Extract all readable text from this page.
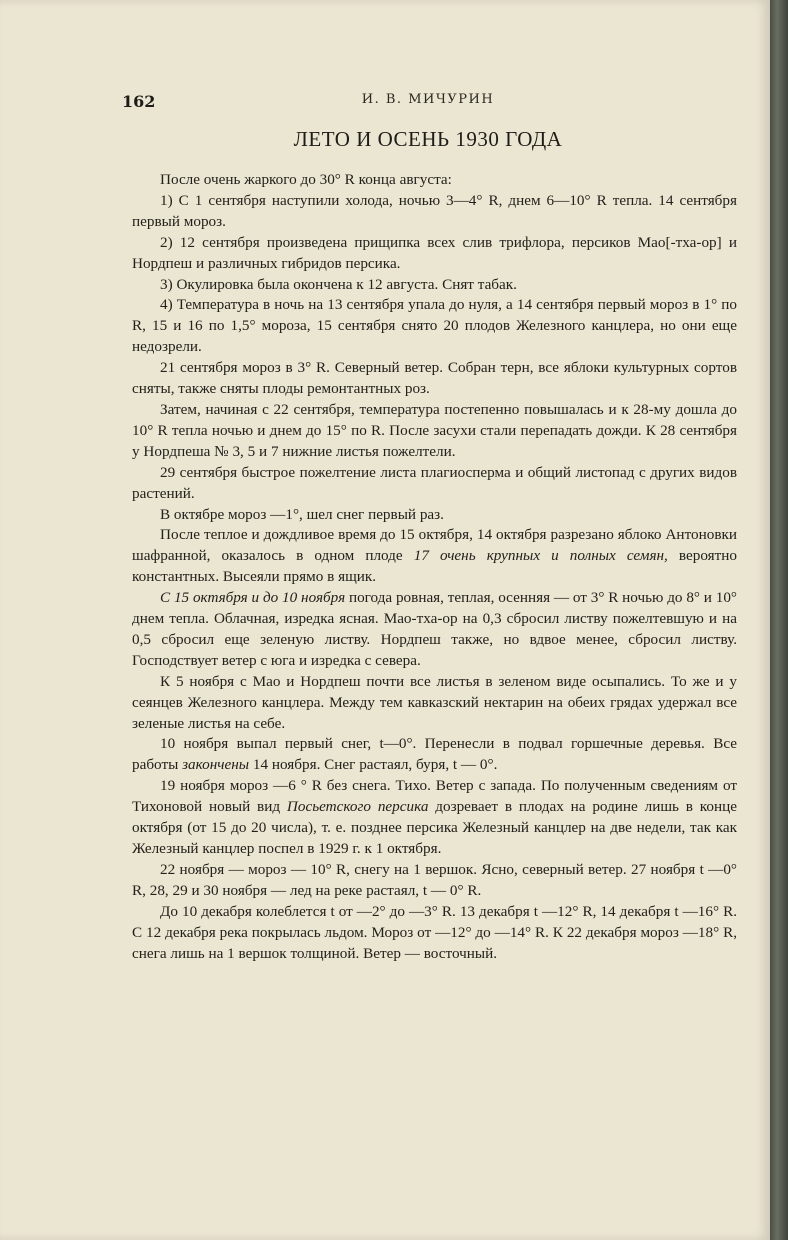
162	И. В. МИЧУРИН
ЛЕТО И ОСЕНЬ 1930 ГОДА

После очень жаркого до 30° R конца августа:

1) С 1 сентября наступили холода, ночью 3—4° R, днем 6—10° R тепла. 14 сентября первый мороз.

2) 12 сентября произведена прищипка всех слив трифлора, персиков Мао[-тха-ор] и Нордпеш и различных гибридов персика.

3) Окулировка была окончена к 12 августа. Снят табак.

4) Температура в ночь на 13 сентября упала до нуля, а 14 сентября первый мороз в 1° по R, 15 и 16 по 1,5° мороза, 15 сентября снято 20 плодов Железного канцлера, но они еще недозрели.

21 сентября мороз в 3° R. Северный ветер. Собран терн, все яблоки культурных сортов сняты, также сняты плоды ремонтантных роз.

Затем, начиная с 22 сентября, температура постепенно повышалась и к 28-му дошла до 10° R тепла ночью и днем до 15° по R. После засухи стали перепадать дожди. К 28 сентября у Нордпеша № 3, 5 и 7 нижние листья пожелтели.

29 сентября быстрое пожелтение листа плагиосперма и общий листопад с других видов растений.

В октябре мороз —1°, шел снег первый раз.

После теплое и дождливое время до 15 октября, 14 октября разрезано яблоко Антоновки шафранной, оказалось в одном плоде 17 очень крупных и полных семян, вероятно константных. Высеяли прямо в ящик.

С 15 октября и до 10 ноября погода ровная, теплая, осенняя — от 3° R ночью до 8° и 10° днем тепла. Облачная, изредка ясная. Мао-тха-ор на 0,3 сбросил листву пожелтевшую и на 0,5 сбросил еще зеленую листву. Нордпеш также, но вдвое менее, сбросил листву. Господствует ветер с юга и изредка с севера.

К 5 ноября с Мао и Нордпеш почти все листья в зеленом виде осыпались. То же и у сеянцев Железного канцлера. Между тем кавказский нектарин на обеих грядах удержал все зеленые листья на себе.

10 ноября выпал первый снег, t—0°. Перенесли в подвал горшечные деревья. Все работы закончены 14 ноября. Снег растаял, буря, t — 0°.

19 ноября мороз —6 ° R без снега. Тихо. Ветер с запада. По полученным сведениям от Тихоновой новый вид Посьетского персика дозревает в плодах на родине лишь в конце октября (от 15 до 20 числа), т. е. позднее персика Железный канцлер на две недели, так как Железный канцлер поспел в 1929 г. к 1 октября.

22 ноября — мороз — 10° R, снегу на 1 вершок. Ясно, северный ветер. 27 ноября t —0° R, 28, 29 и 30 ноября — лед на реке растаял, t — 0° R.

До 10 декабря колеблется t от —2° до —3° R. 13 декабря t —12° R, 14 декабря t —16° R. С 12 декабря река покрылась льдом. Мороз от —12° до —14° R. К 22 декабря мороз —18° R, снега лишь на 1 вершок толщиной. Ветер — восточный.
